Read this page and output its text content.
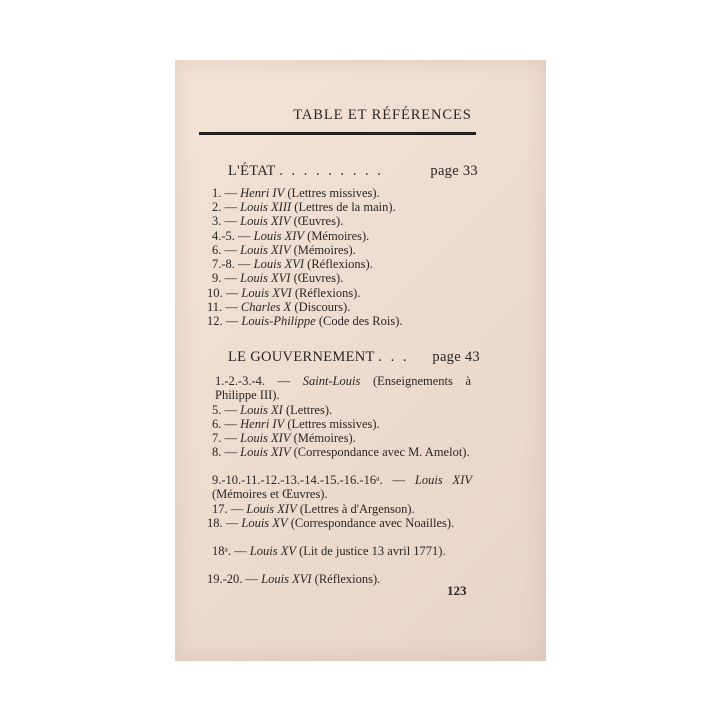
TABLE ET RÉFÉRENCES
L'ÉTAT . . . . . . . . .	page 33
1. — Henri IV (Lettres missives).
2. — Louis XIII (Lettres de la main).
3. — Louis XIV (Œuvres).
4.-5. — Louis XIV (Mémoires).
6. — Louis XIV (Mémoires).
7.-8. — Louis XVI (Réflexions).
9. — Louis XVI (Œuvres).
10. — Louis XVI (Réflexions).
11. — Charles X (Discours).
12. — Louis-Philippe (Code des Rois).
LE GOUVERNEMENT . . . page 43
1.-2.-3.-4. — Saint-Louis (Enseignements à Philippe III).
5. — Louis XI (Lettres).
6. — Henri IV (Lettres missives).
7. — Louis XIV (Mémoires).
8. — Louis XIV (Correspondance avec M. Amelot).
9.-10.-11.-12.-13.-14.-15.-16.-16ᵃ. — Louis XIV (Mémoires et Œuvres).
17. — Louis XIV (Lettres à d'Argenson).
18. — Louis XV (Correspondance avec Noailles).
18ᵃ. — Louis XV (Lit de justice 13 avril 1771).
19.-20. — Louis XVI (Réflexions).
123
